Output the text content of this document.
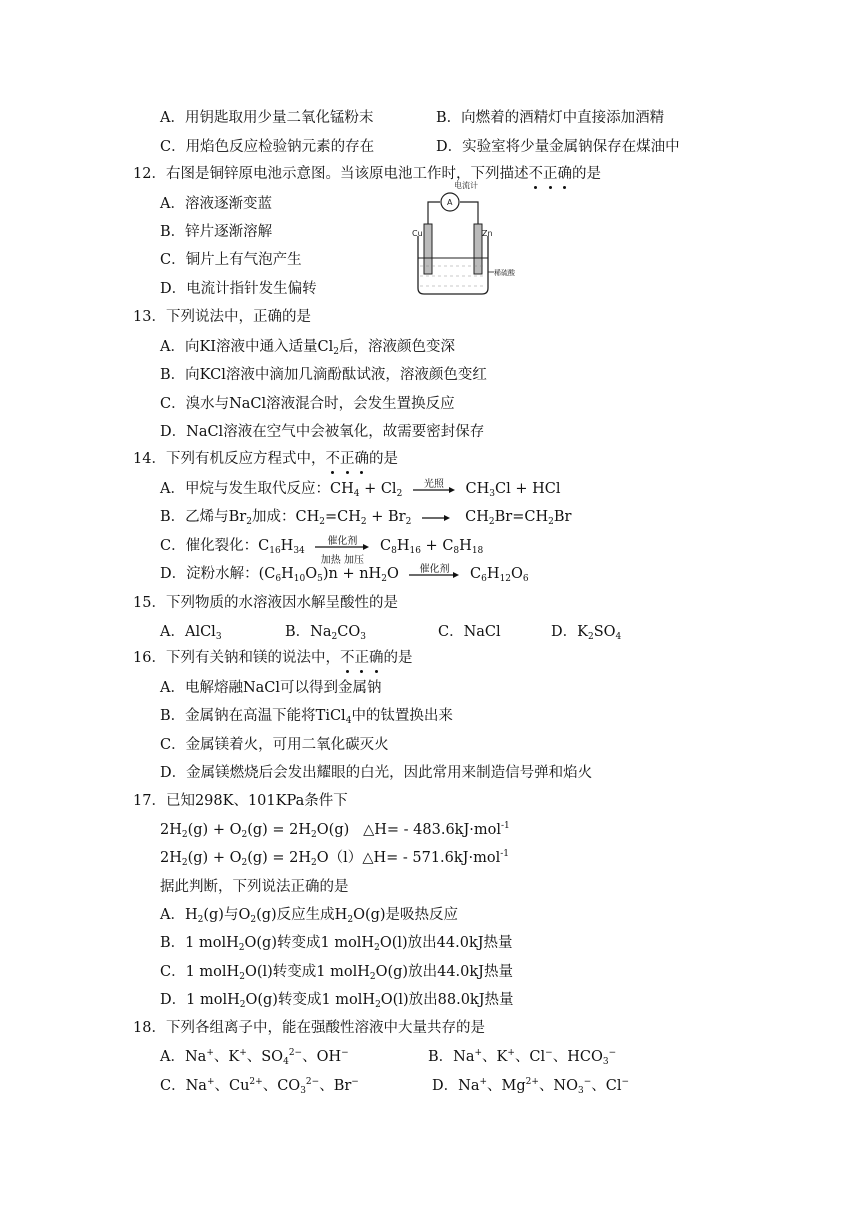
A．用钥匙取用少量二氧化锰粉末	B．向燃着的酒精灯中直接添加酒精
C．用焰色反应检验钠元素的存在	D．实验室将少量金属钠保存在煤油中
12．右图是铜锌原电池示意图。当该原电池工作时，下列描述不正确的是
A．溶液逐渐变蓝
B．锌片逐渐溶解
C．铜片上有气泡产生
D．电流计指针发生偏转
电流计
A
Cu	Zn
稀硫酸
13．下列说法中，正确的是
A．向KI溶液中通入适量$Cl_2$后，溶液颜色变深
B．向KCl溶液中滴加几滴酚酞试液，溶液颜色变红
C．溴水与NaCl溶液混合时，会发生置换反应
D．NaCl溶液在空气中会被氧化，故需要密封保存
14．下列有机反应方程式中，不正确的是
A．甲烷与发生取代反应：$CH_4 + Cl_2$
光照	$CH_3Cl$ + HCl
B．乙烯与$Br_2$加成：$CH_2=CH_2 + Br_2 \to CH_2Br=CH_2Br$
C．催化裂化：$C_{16}H_{34}$
催化剂
加热 加压
$C_8H_{16} + C_8H_{18}$
D．淀粉水解：$(C_6H_{10}O_5)n + nH_2O$	催化剂	$C_6H_{12}O_6$
15．下列物质的水溶液因水解呈酸性的是
A．AlCl$_3$	B．$Na_2CO_3$	C．NaCl	D．$K_2SO_4$
16．下列有关钠和镁的说法中，不正确的是
A．电解熔融NaCl可以得到金属钠
B．金属钠在高温下能将TiCl$_4$中的钛置换出来
C．金属镁着火，可用二氧化碳灭火
D．金属镁燃烧后会发出耀眼的白光，因此常用来制造信号弹和焰火
17．已知298K、101KPa条件下
$2H_2(g) + O_2(g) = 2H_2O(g)$   △H= - 483.6kJ·mol$^{-1}$
$2H_2(g) + O_2(g)$ = $2H_2O(l)\triangle H= - 571.6kJ\cdot mol^{-1}$
据此判断，下列说法正确的是
A．$H_2(g)$与$O_2(g)$反应生成$H_2O(g)$是吸热反应
B．1 molH$_2$O(g)转变成1 molH$_2$O(l)放出44.0kJ热量
C．1 molH$_2$O(l)转变成1 molH$_2$O(g)放出44.0kJ热量
D．1 molH$_2$O(g)转变成1 molH$_2$O(l)放出88.0kJ热量
18．下列各组离子中，能在强酸性溶液中大量共存的是
A．Na+、K+、$SO_4^{2-}$、OH−	B．Na+、K+、Cl−、$HCO_3^-$
C．Na+、$Cu^{2+}$、$CO_3^{2-}$、Br−	D．Na+、$Mg^{2+}$、$NO_3^-$、Cl−
